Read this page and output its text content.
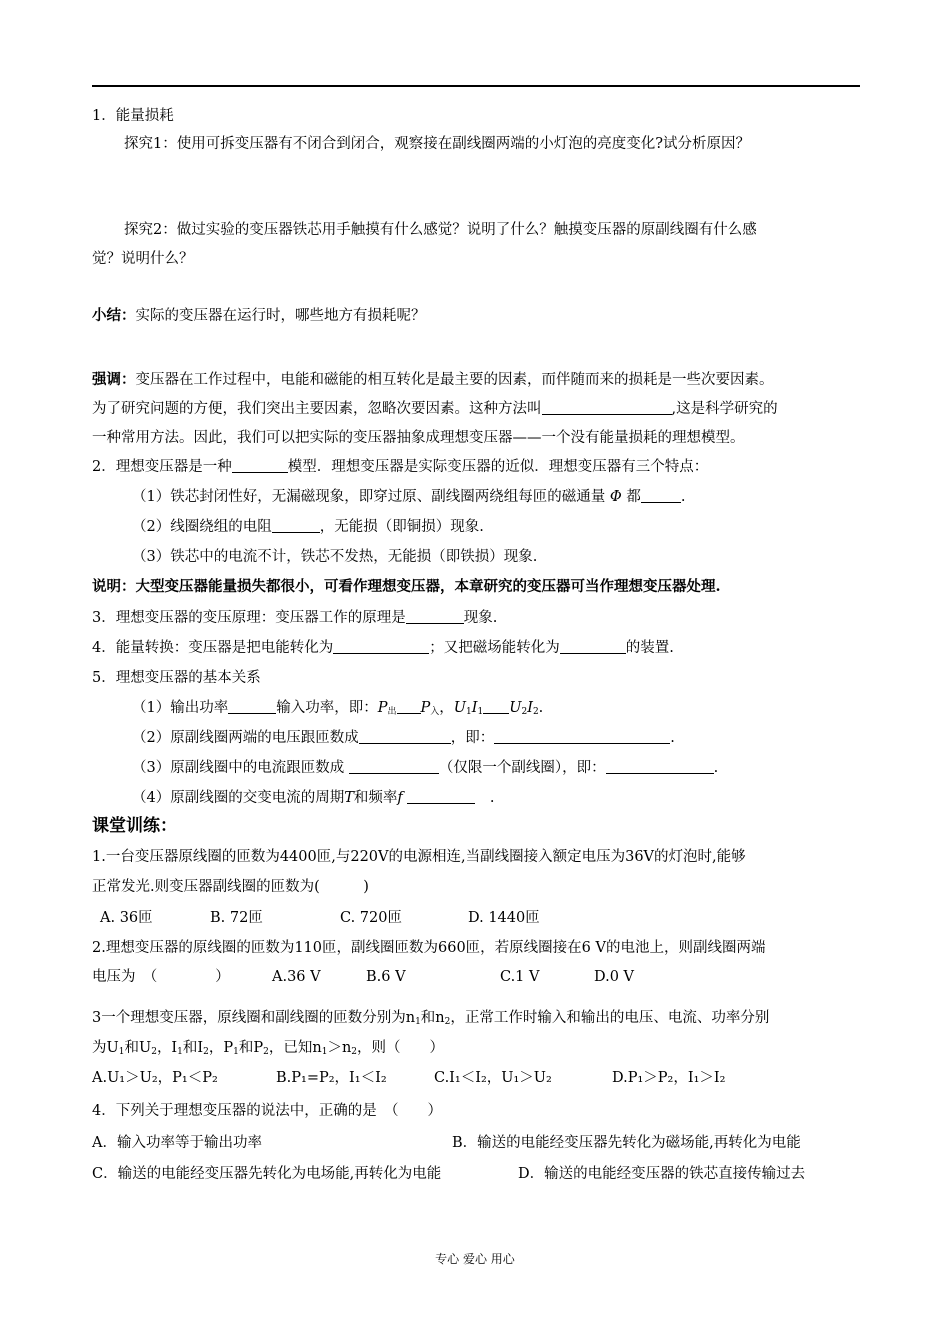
1．能量损耗
探究1：使用可拆变压器有不闭合到闭合，观察接在副线圈两端的小灯泡的亮度变化?试分析原因？
探究2：做过实验的变压器铁芯用手触摸有什么感觉？说明了什么？触摸变压器的原副线圈有什么感
觉？说明什么？
小结：实际的变压器在运行时，哪些地方有损耗呢？
强调：变压器在工作过程中，电能和磁能的相互转化是最主要的因素，而伴随而来的损耗是一些次要因素。
为了研究问题的方便，我们突出主要因素，忽略次要因素。这种方法叫	,这是科学研究的
一种常用方法。因此，我们可以把实际的变压器抽象成理想变压器——一个没有能量损耗的理想模型。
2．理想变压器是一种	模型．理想变压器是实际变压器的近似．理想变压器有三个特点：
（1）铁芯封闭性好，无漏磁现象，即穿过原、副线圈两绕组每匝的磁通量 Φ 都	.
（2）线圈绕组的电阻	，无能损（即铜损）现象.
（3）铁芯中的电流不计，铁芯不发热，无能损（即铁损）现象.
说明：大型变压器能量损失都很小，可看作理想变压器，本章研究的变压器可当作理想变压器处理.
3．理想变压器的变压原理：变压器工作的原理是	现象.
4．能量转换：变压器是把电能转化为	；又把磁场能转化为	的装置.
5．理想变压器的基本关系
（1）输出功率	输入功率，即：$P_出$ $P_入$，$U_1I_1$ $U_2I_2$.
（2）原副线圈两端的电压跟匝数成	，即：	.
（3）原副线圈中的电流跟匝数成	（仅限一个副线圈），即：	.
（4）原副线圈的交变电流的周期T和频率f 　	.
课堂训练：
1.一台变压器原线圈的匝数为4400匝,与220V的电源相连,当副线圈接入额定电压为36V的灯泡时,能够
正常发光.则变压器副线圈的匝数为(　　　)
A. 36匝	B. 72匝	C. 720匝	D. 1440匝
2.理想变压器的原线圈的匝数为110匝，副线圈匝数为660匝，若原线圈接在6 V的电池上，则副线圈两端
电压为　（　　　　）	A.36 V	B.6 V	C.1 V	D.0 V
3一个理想变压器，原线圈和副线圈的匝数分别为$n_1$和$n_2$，正常工作时输入和输出的电压、电流、功率分别
为$U_1$和$U_2$，$I_1$和$I_2$，$P_1$和$P_2$，已知$n_1>n_2$，则（　　）
A.U₁＞U₂，P₁＜P₂	B.P₁=P₂，I₁＜I₂	C.I₁＜I₂，U₁＞U₂	D.P₁＞P₂，I₁＞I₂
4．下列关于理想变压器的说法中，正确的是　（　　）
A．输入功率等于输出功率	B．输送的电能经变压器先转化为磁场能,再转化为电能
C．输送的电能经变压器先转化为电场能,再转化为电能	D．输送的电能经变压器的铁芯直接传输过去
专心 爱心 用心
